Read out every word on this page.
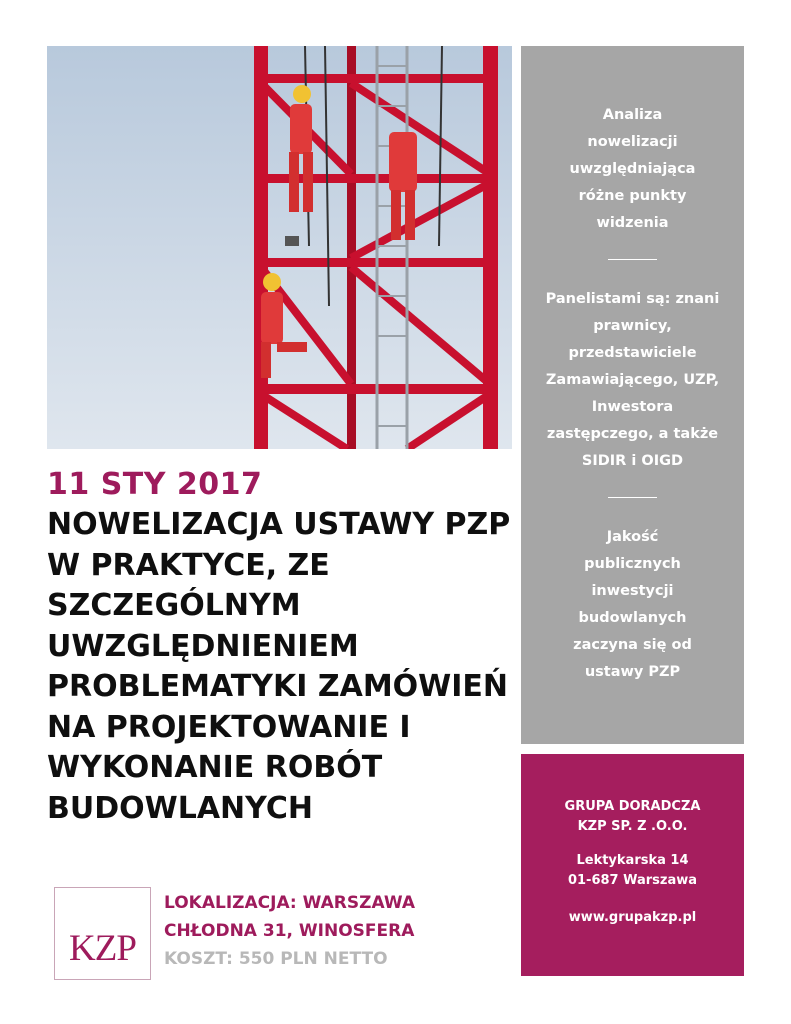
11 STY 2017
NOWELIZACJA USTAWY PZP W PRAKTYCE, ZE SZCZEGÓLNYM UWZGLĘDNIENIEM PROBLEMATYKI ZAMÓWIEŃ NA PROJEKTOWANIE I WYKONANIE ROBÓT BUDOWLANYCH
KZP
LOKALIZACJA: WARSZAWA
CHŁODNA 31, WINOSFERA
KOSZT: 550 PLN NETTO

Analiza nowelizacji uwzględniająca różne punkty widzenia

Panelistami są: znani prawnicy, przedstawiciele Zamawiającego, UZP, Inwestora zastępczego, a także SIDIR i OIGD

Jakość publicznych inwestycji budowlanych zaczyna się od ustawy PZP

GRUPA DORADCZA
KZP SP. Z .O.O.
Lektykarska 14
01-687 Warszawa
www.grupakzp.pl
